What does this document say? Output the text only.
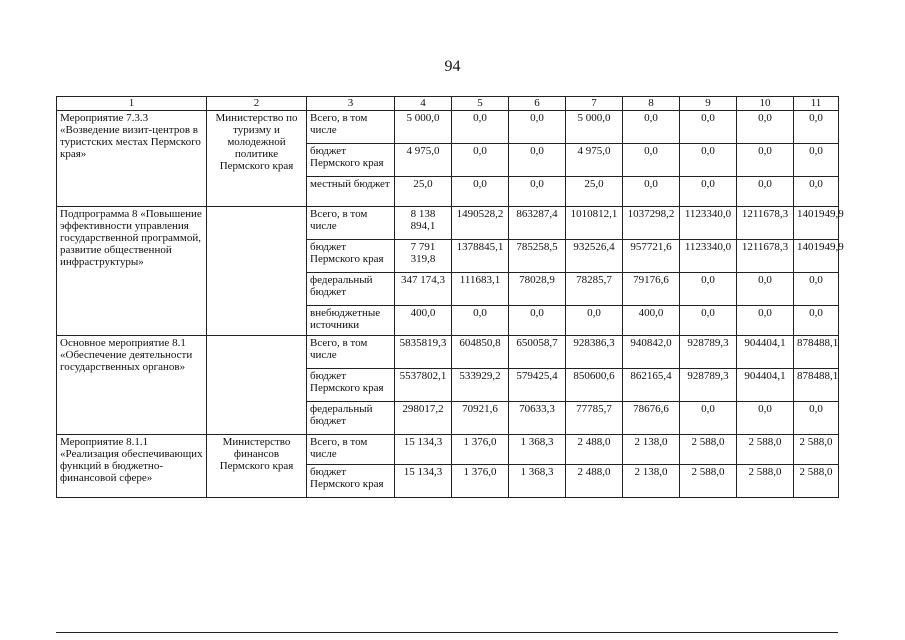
94
1	2	3	4	5	6	7	8	9	10	11
Мероприятие 7.3.3 «Возведение визит-центров в туристских местах Пермского края»	Министерство по туризму и молодежной политике Пермского края	Всего, в том числе	5 000,0	0,0	0,0	5 000,0	0,0	0,0	0,0	0,0
		бюджет Пермского края	4 975,0	0,0	0,0	4 975,0	0,0	0,0	0,0	0,0
		местный бюджет	25,0	0,0	0,0	25,0	0,0	0,0	0,0	0,0
Подпрограмма 8 «Повышение эффективности управления государственной программой, развитие общественной инфраструктуры»		Всего, в том числе	8 138 894,1	1490528,2	863287,4	1010812,1	1037298,2	1123340,0	1211678,3	1401949,9
		бюджет Пермского края	7 791 319,8	1378845,1	785258,5	932526,4	957721,6	1123340,0	1211678,3	1401949,9
		федеральный бюджет	347 174,3	111683,1	78028,9	78285,7	79176,6	0,0	0,0	0,0
		внебюджетные источники	400,0	0,0	0,0	0,0	400,0	0,0	0,0	0,0
Основное мероприятие 8.1 «Обеспечение деятельности государственных органов»		Всего, в том числе	5835819,3	604850,8	650058,7	928386,3	940842,0	928789,3	904404,1	878488,1
		бюджет Пермского края	5537802,1	533929,2	579425,4	850600,6	862165,4	928789,3	904404,1	878488,1
		федеральный бюджет	298017,2	70921,6	70633,3	77785,7	78676,6	0,0	0,0	0,0
Мероприятие 8.1.1 «Реализация обеспечивающих функций в бюджетно-финансовой сфере»	Министерство финансов Пермского края	Всего, в том числе	15 134,3	1 376,0	1 368,3	2 488,0	2 138,0	2 588,0	2 588,0	2 588,0
		бюджет Пермского края	15 134,3	1 376,0	1 368,3	2 488,0	2 138,0	2 588,0	2 588,0	2 588,0
